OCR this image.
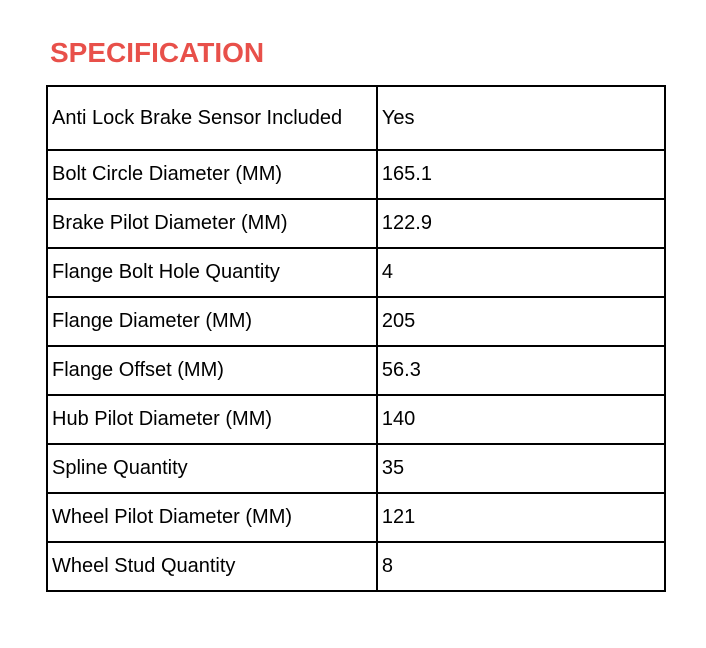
SPECIFICATION
Anti Lock Brake Sensor Included	Yes
Bolt Circle Diameter (MM)	165.1
Brake Pilot Diameter (MM)	122.9
Flange Bolt Hole Quantity	4
Flange Diameter (MM)	205
Flange Offset (MM)	56.3
Hub Pilot Diameter (MM)	140
Spline Quantity	35
Wheel Pilot Diameter (MM)	121
Wheel Stud Quantity	8
